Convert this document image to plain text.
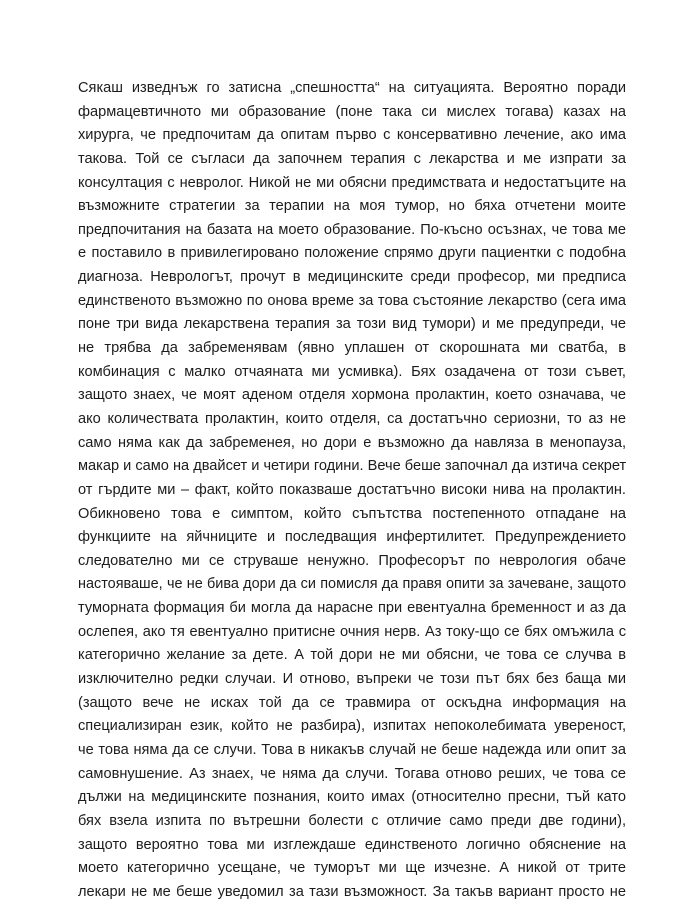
Сякаш изведнъж го затисна „спешността“ на ситуацията. Вероятно поради
фармацевтичното ми образование (поне така си мислех тогава) казах на
хирурга, че предпочитам да опитам първо с консервативно лечение, ако има
такова. Той се съгласи да започнем терапия с лекарства и ме изпрати за
консултация с невролог. Никой не ми обясни предимствата и недостатъците на
възможните стратегии за терапии на моя тумор, но бяха отчетени моите
предпочитания на базата на моето образование. По-късно осъзнах, че това ме
е поставило в привилегировано положение спрямо други пациентки с подобна
диагноза. Неврологът, прочут в медицинските среди професор, ми предписа
единственото възможно по онова време за това състояние лекарство (сега има
поне три вида лекарствена терапия за този вид тумори) и ме предупреди, че
не трябва да забременявам (явно уплашен от скорошната ми сватба, в
комбинация с малко отчаяната ми усмивка). Бях озадачена от този съвет,
защото знаех, че моят аденом отделя хормона пролактин, което означава, че
ако количествата пролактин, които отделя, са достатъчно сериозни, то аз не
само няма как да забременея, но дори е възможно да навляза в менопауза,
макар и само на двайсет и четири години. Вече беше започнал да изтича секрет
от гърдите ми – факт, който показваше достатъчно високи нива на пролактин.
Обикновено това е симптом, който съпътства постепенното отпадане на
функциите на яйчниците и последващия инфертилитет. Предупреждението
следователно ми се струваше ненужно. Професорът по неврология обаче
настояваше, че не бива дори да си помисля да правя опити за зачеване, защото
туморната формация би могла да нарасне при евентуална бременност и аз да
ослепея, ако тя евентуално притисне очния нерв. Аз току-що се бях омъжила с
категорично желание за дете. А той дори не ми обясни, че това се случва в
изключително редки случаи. И отново, въпреки че този път бях без баща ми
(защото вече не исках той да се травмира от оскъдна информация на
специализиран език, който не разбира), изпитах непоколебимата увереност,
че това няма да се случи. Това в никакъв случай не беше надежда или опит за
самовнушение. Аз знаех, че няма да случи. Тогава отново реших, че това се
дължи на медицинските познания, които имах (относително пресни, тъй като
бях взела изпита по вътрешни болести с отличие само преди две години),
защото вероятно това ми изглеждаше единственото логично обяснение на
моето категорично усещане, че туморът ми ще изчезне. А никой от трите
лекари не ме беше уведомил за тази възможност. За такъв вариант просто не
